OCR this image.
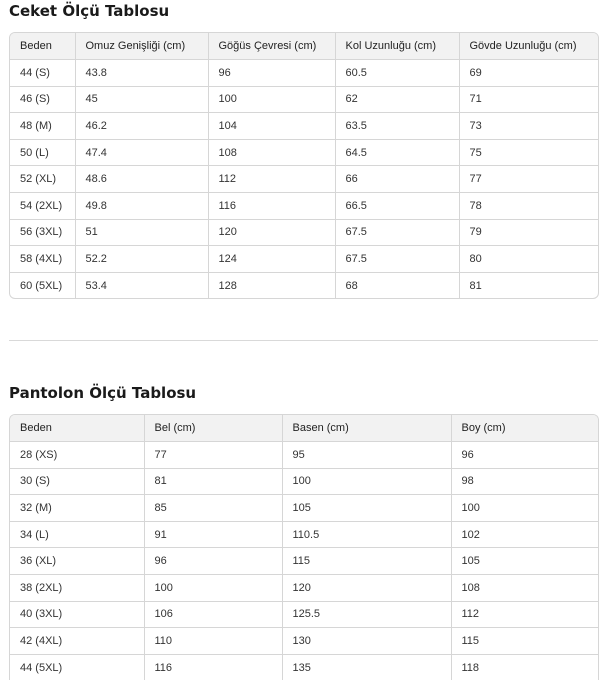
Ceket Ölçü Tablosu
Beden	Omuz Genişliği (cm)	Göğüs Çevresi (cm)	Kol Uzunluğu (cm)	Gövde Uzunluğu (cm)
44 (S)	43.8	96	60.5	69
46 (S)	45	100	62	71
48 (M)	46.2	104	63.5	73
50 (L)	47.4	108	64.5	75
52 (XL)	48.6	112	66	77
54 (2XL)	49.8	116	66.5	78
56 (3XL)	51	120	67.5	79
58 (4XL)	52.2	124	67.5	80
60 (5XL)	53.4	128	68	81
Pantolon Ölçü Tablosu
Beden	Bel (cm)	Basen (cm)	Boy (cm)
28 (XS)	77	95	96
30 (S)	81	100	98
32 (M)	85	105	100
34 (L)	91	110.5	102
36 (XL)	96	115	105
38 (2XL)	100	120	108
40 (3XL)	106	125.5	112
42 (4XL)	110	130	115
44 (5XL)	116	135	118
